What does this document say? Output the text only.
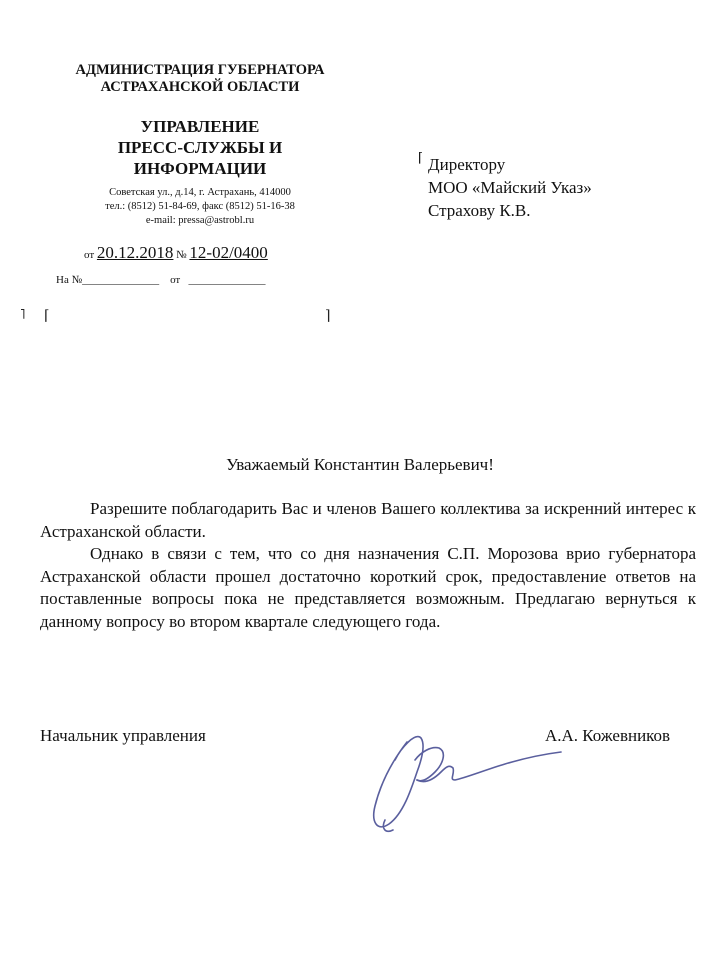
АДМИНИСТРАЦИЯ ГУБЕРНАТОРА
АСТРАХАНСКОЙ ОБЛАСТИ
УПРАВЛЕНИЕ
ПРЕСС-СЛУЖБЫ И
ИНФОРМАЦИИ
Советская ул., д.14, г. Астрахань, 414000
тел.: (8512) 51-84-69, факс (8512) 51-16-38
e-mail: pressa@astrobl.ru
от 20.12.2018 № 12-02/0400
На №______________ от ______________
˥ ⌈	⌉
⌈ Директору
МОО «Майский Указ»
Страхову К.В.
Уважаемый Константин Валерьевич!

Разрешите поблагодарить Вас и членов Вашего коллектива за искренний интерес к Астраханской области.

Однако в связи с тем, что со дня назначения С.П. Морозова врио губернатора Астраханской области прошел достаточно короткий срок, предоставление ответов на поставленные вопросы пока не представляется возможным. Предлагаю вернуться к данному вопросу во втором квартале следующего года.

Начальник управления	А.А. Кожевников
